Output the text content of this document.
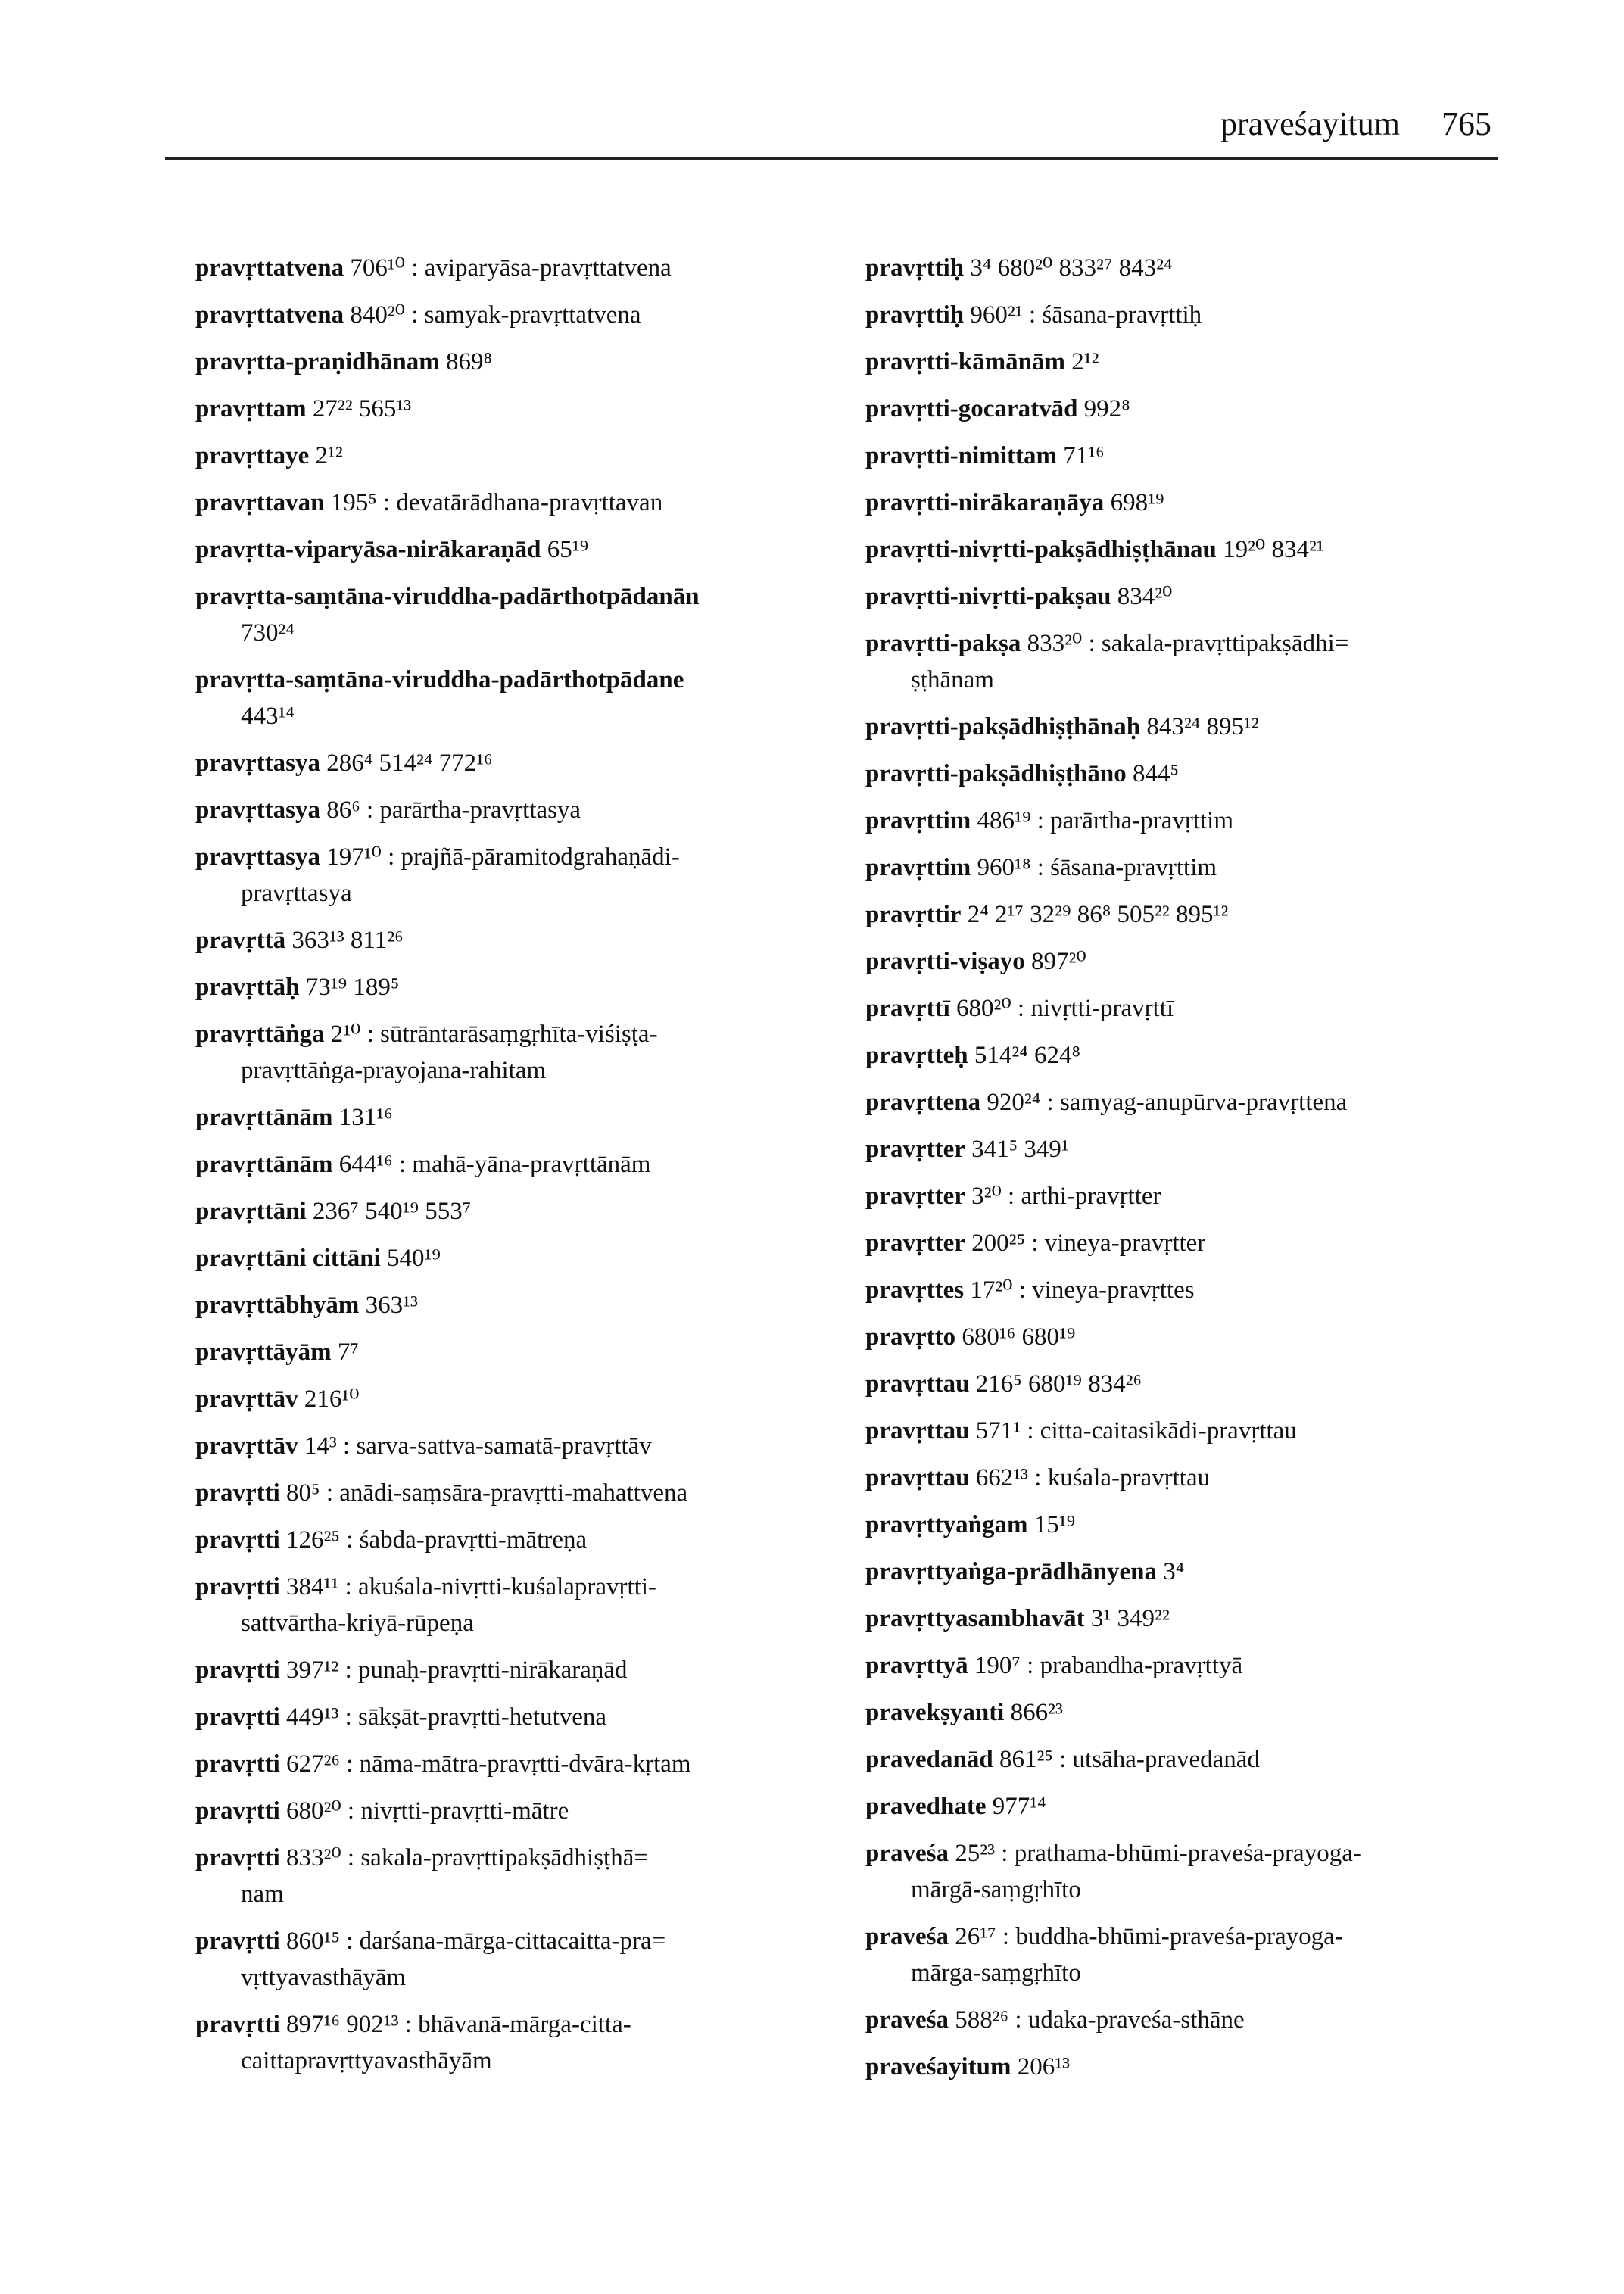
praveśayitum 765
pravṛttatvena 706¹⁰ : aviparyāsa-pravṛttatvena
pravṛttatvena 840²⁰ : samyak-pravṛttatvena
pravṛtta-praṇidhānam 869⁸
pravṛttam 27²² 565¹³
pravṛttaye 2¹²
pravṛttavan 195⁵ : devatārādhana-pravṛttavan
pravṛtta-viparyāsa-nirākaraṇād 65¹⁹
pravṛtta-saṃtāna-viruddha-padārthotpādanān
730²⁴
pravṛtta-saṃtāna-viruddha-padārthotpādane
443¹⁴
pravṛttasya 286⁴ 514²⁴ 772¹⁶
pravṛttasya 86⁶ : parārtha-pravṛttasya
pravṛttasya 197¹⁰ : prajñā-pāramitodgrahaṇādi-
pravṛttasya
pravṛttā 363¹³ 811²⁶
pravṛttāḥ 73¹⁹ 189⁵
pravṛttāṅga 2¹⁰ : sūtrāntarāsaṃgṛhīta-viśiṣṭa-
pravṛttāṅga-prayojana-rahitam
pravṛttānām 131¹⁶
pravṛttānām 644¹⁶ : mahā-yāna-pravṛttānām
pravṛttāni 236⁷ 540¹⁹ 553⁷
pravṛttāni cittāni 540¹⁹
pravṛttābhyām 363¹³
pravṛttāyām 7⁷
pravṛttāv 216¹⁰
pravṛttāv 14³ : sarva-sattva-samatā-pravṛttāv
pravṛtti 80⁵ : anādi-saṃsāra-pravṛtti-mahattvena
pravṛtti 126²⁵ : śabda-pravṛtti-mātreṇa
pravṛtti 384¹¹ : akuśala-nivṛtti-kuśalapravṛtti-
sattvārtha-kriyā-rūpeṇa
pravṛtti 397¹² : punaḥ-pravṛtti-nirākaraṇād
pravṛtti 449¹³ : sākṣāt-pravṛtti-hetutvena
pravṛtti 627²⁶ : nāma-mātra-pravṛtti-dvāra-kṛtam
pravṛtti 680²⁰ : nivṛtti-pravṛtti-mātre
pravṛtti 833²⁰ : sakala-pravṛttipakṣādhiṣṭhā=
nam
pravṛtti 860¹⁵ : darśana-mārga-cittacaitta-pra=
vṛttyavasthāyām
pravṛtti 897¹⁶ 902¹³ : bhāvanā-mārga-citta-
caittapravṛttyavasthāyām
pravṛttiḥ 3⁴ 680²⁰ 833²⁷ 843²⁴
pravṛttiḥ 960²¹ : śāsana-pravṛttiḥ
pravṛtti-kāmānām 2¹²
pravṛtti-gocaratvād 992⁸
pravṛtti-nimittam 71¹⁶
pravṛtti-nirākaraṇāya 698¹⁹
pravṛtti-nivṛtti-pakṣādhiṣṭhānau 19²⁰ 834²¹
pravṛtti-nivṛtti-pakṣau 834²⁰
pravṛtti-pakṣa 833²⁰ : sakala-pravṛttipakṣādhi=
ṣṭhānam
pravṛtti-pakṣādhiṣṭhānaḥ 843²⁴ 895¹²
pravṛtti-pakṣādhiṣṭhāno 844⁵
pravṛttim 486¹⁹ : parārtha-pravṛttim
pravṛttim 960¹⁸ : śāsana-pravṛttim
pravṛttir 2⁴ 2¹⁷ 32²⁹ 86⁸ 505²² 895¹²
pravṛtti-viṣayo 897²⁰
pravṛttī 680²⁰ : nivṛtti-pravṛttī
pravṛtteḥ 514²⁴ 624⁸
pravṛttena 920²⁴ : samyag-anupūrva-pravṛttena
pravṛtter 341⁵ 349¹
pravṛtter 3²⁰ : arthi-pravṛtter
pravṛtter 200²⁵ : vineya-pravṛtter
pravṛttes 17²⁰ : vineya-pravṛttes
pravṛtto 680¹⁶ 680¹⁹
pravṛttau 216⁵ 680¹⁹ 834²⁶
pravṛttau 571¹ : citta-caitasikādi-pravṛttau
pravṛttau 662¹³ : kuśala-pravṛttau
pravṛttyaṅgam 15¹⁹
pravṛttyaṅga-prādhānyena 3⁴
pravṛttyasambhavāt 3¹ 349²²
pravṛttyā 190⁷ : prabandha-pravṛttyā
pravekṣyanti 866²³
pravedanād 861²⁵ : utsāha-pravedanād
pravedhate 977¹⁴
praveśa 25²³ : prathama-bhūmi-praveśa-prayoga-
mārgā-saṃgṛhīto
praveśa 26¹⁷ : buddha-bhūmi-praveśa-prayoga-
mārga-saṃgṛhīto
praveśa 588²⁶ : udaka-praveśa-sthāne
praveśayitum 206¹³
